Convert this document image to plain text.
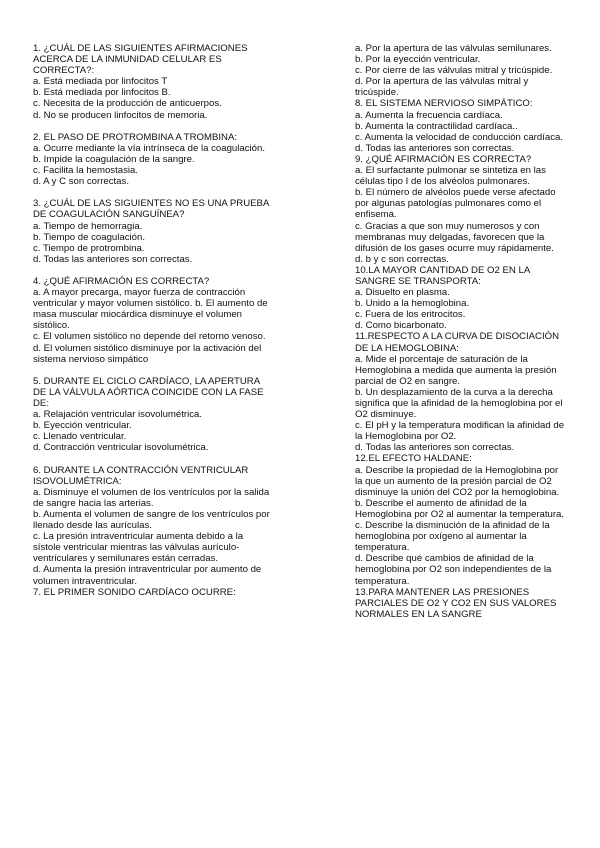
1. ¿CUÁL DE LAS SIGUIENTES AFIRMACIONES ACERCA DE LA INMUNIDAD CELULAR ES CORRECTA?:
a. Está mediada por linfocitos T
b. Está mediada por linfocitos B.
c. Necesita de la producción de anticuerpos.
d. No se producen linfocitos de memoria.
2. EL PASO DE PROTROMBINA A TROMBINA:
a. Ocurre mediante la vía intrínseca de la coagulación.
b. Impide la coagulación de la sangre.
c. Facilita la hemostasia.
d. A y C son correctas.
3. ¿CUÁL DE LAS SIGUIENTES NO ES UNA PRUEBA DE COAGULACIÓN SANGUÍNEA?
a. Tiempo de hemorragia.
b. Tiempo de coagulación.
c. Tiempo de protrombina.
d. Todas las anteriores son correctas.
4. ¿QUÉ AFIRMACIÓN ES CORRECTA?
a. A mayor precarga, mayor fuerza de contracción ventricular y mayor volumen sistólico. b. El aumento de masa muscular miocárdica disminuye el volumen sistólico.
c. El volumen sistólico no depende del retorno venoso.
d. El volumen sistólico disminuye por la activación del sistema nervioso simpático
5. DURANTE EL CICLO CARDÍACO, LA APERTURA DE LA VÁLVULA AÓRTICA COINCIDE CON LA FASE DE:
a. Relajación ventricular isovolumétrica.
b. Eyección ventricular.
c. Llenado ventricular.
d. Contracción ventricular isovolumétrica.
6. DURANTE LA CONTRACCIÓN VENTRICULAR ISOVOLUMÉTRICA:
a. Disminuye el volumen de los ventrículos por la salida de sangre hacia las arterias.
b. Aumenta el volumen de sangre de los ventrículos por llenado desde las aurículas.
c. La presión intraventricular aumenta debido a la sístole ventricular mientras las válvulas aurículo-ventriculares y semilunares están cerradas.
d. Aumenta la presión intraventricular por aumento de volumen intraventricular.
7. EL PRIMER SONIDO CARDÍACO OCURRE:
a. Por la apertura de las válvulas semilunares.
b. Por la eyección ventricular.
c. Por cierre de las válvulas mitral y tricúspide.
d. Por la apertura de las válvulas mitral y tricúspide.
8. EL SISTEMA NERVIOSO SIMPÁTICO:
a. Aumenta la frecuencia cardíaca.
b. Aumenta la contractilidad cardíaca..
c. Aumenta la velocidad de conducción cardíaca.
d. Todas las anteriores son correctas.
9. ¿QUÉ AFIRMACIÓN ES CORRECTA?
a. El surfactante pulmonar se sintetiza en las células tipo I de los alvéolos pulmonares.
b. El número de alvéolos puede verse afectado por algunas patologías pulmonares como el enfisema.
c. Gracias a que son muy numerosos y con membranas muy delgadas, favorecen que la difusión de los gases ocurre muy rápidamente.
d. b y c son correctas.
10.LA MAYOR CANTIDAD DE O2 EN LA SANGRE SE TRANSPORTA:
a. Disuelto en plasma.
b. Unido a la hemoglobina.
c. Fuera de los eritrocitos.
d. Como bicarbonato.
11.RESPECTO A LA CURVA DE DISOCIACIÓN DE LA HEMOGLOBINA:
a. Mide el porcentaje de saturación de la Hemoglobina a medida que aumenta la presión parcial de O2 en sangre.
b. Un desplazamiento de la curva a la derecha significa que la afinidad de la hemoglobina por el O2 disminuye.
c. El pH y la temperatura modifican la afinidad de la Hemoglobina por O2.
d. Todas las anteriores son correctas.
12.EL EFECTO HALDANE:
a. Describe la propiedad de la Hemoglobina por la que un aumento de la presión parcial de O2 disminuye la unión del CO2 por la hemoglobina.
b. Describe el aumento de afinidad de la Hemoglobina por O2 al aumentar la temperatura.
c. Describe la disminución de la afinidad de la hemoglobina por oxígeno al aumentar la temperatura.
d. Describe qué cambios de afinidad de la hemoglobina por O2 son independientes de la temperatura.
13.PARA MANTENER LAS PRESIONES PARCIALES DE O2 Y CO2 EN SUS VALORES NORMALES EN LA SANGRE
